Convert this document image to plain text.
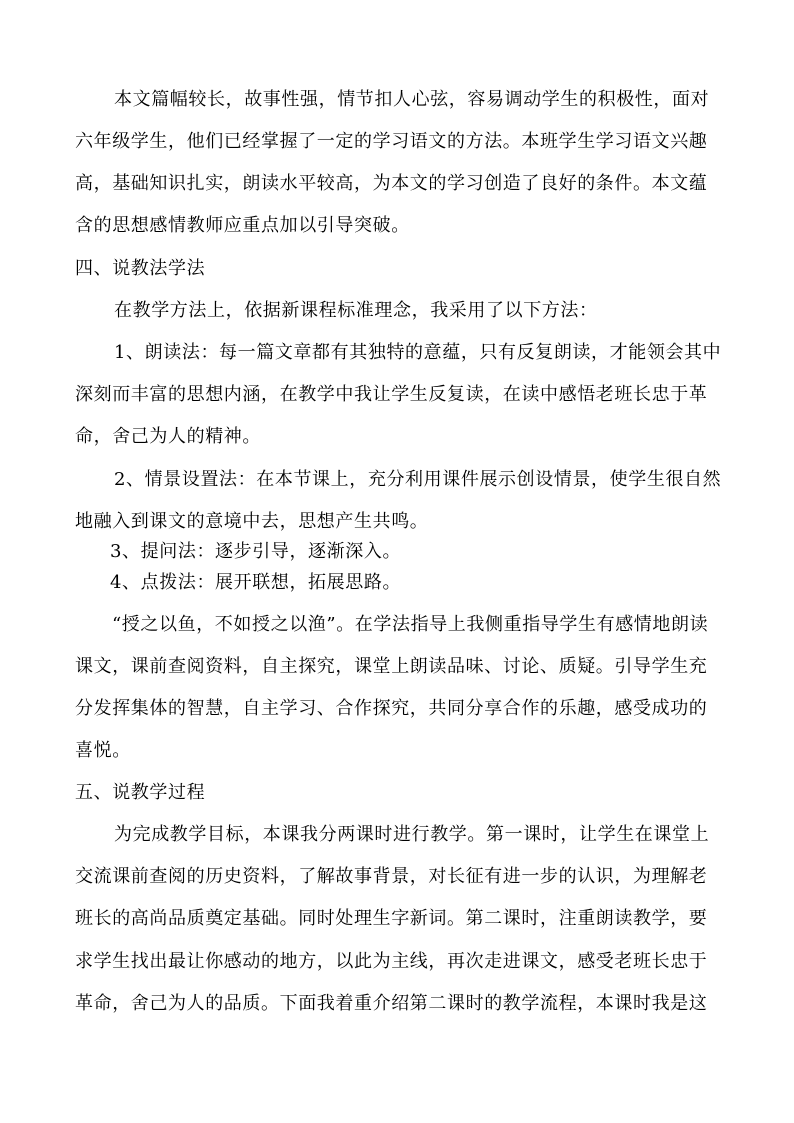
本文篇幅较长，故事性强，情节扣人心弦，容易调动学生的积极性，面对
六年级学生，他们已经掌握了一定的学习语文的方法。本班学生学习语文兴趣
高，基础知识扎实，朗读水平较高，为本文的学习创造了良好的条件。本文蕴
含的思想感情教师应重点加以引导突破。
四、说教法学法
在教学方法上，依据新课程标准理念，我采用了以下方法：
1、朗读法：每一篇文章都有其独特的意蕴，只有反复朗读，才能领会其中
深刻而丰富的思想内涵，在教学中我让学生反复读，在读中感悟老班长忠于革
命，舍己为人的精神。
2、情景设置法：在本节课上，充分利用课件展示创设情景，使学生很自然
地融入到课文的意境中去，思想产生共鸣。
3、提问法：逐步引导，逐渐深入。
4、点拨法：展开联想，拓展思路。
“授之以鱼，不如授之以渔”。在学法指导上我侧重指导学生有感情地朗读
课文，课前查阅资料，自主探究，课堂上朗读品味、讨论、质疑。引导学生充
分发挥集体的智慧，自主学习、合作探究，共同分享合作的乐趣，感受成功的
喜悦。
五、说教学过程
为完成教学目标，本课我分两课时进行教学。第一课时，让学生在课堂上
交流课前查阅的历史资料，了解故事背景，对长征有进一步的认识，为理解老
班长的高尚品质奠定基础。同时处理生字新词。第二课时，注重朗读教学，要
求学生找出最让你感动的地方，以此为主线，再次走进课文，感受老班长忠于
革命，舍己为人的品质。下面我着重介绍第二课时的教学流程，本课时我是这
